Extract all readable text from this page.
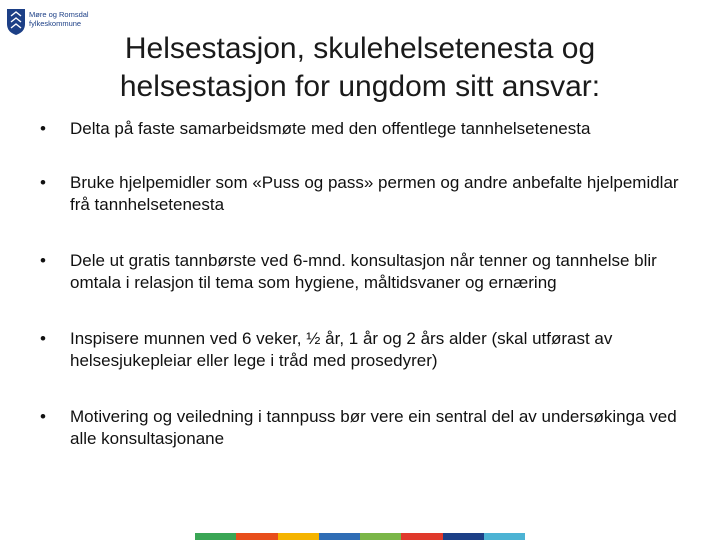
Møre og Romsdal
fylkeskommune
Helsestasjon, skulehelsetenesta og
helsestasjon for ungdom sitt ansvar:
• Delta på faste samarbeidsmøte med den offentlege tannhelsetenesta
• Bruke hjelpemidler som «Puss og pass» permen og andre anbefalte hjelpemidlar frå tannhelsetenesta
• Dele ut gratis tannbørste ved 6-mnd. konsultasjon når tenner og tannhelse blir omtala i relasjon til tema som hygiene, måltidsvaner og ernæring
• Inspisere munnen ved 6 veker, ½ år, 1 år og 2 års alder (skal utførast av helsesjukepleiar eller lege i tråd med prosedyrer)
• Motivering og veiledning i tannpuss bør vere ein sentral del av undersøkinga ved alle konsultasjonane
